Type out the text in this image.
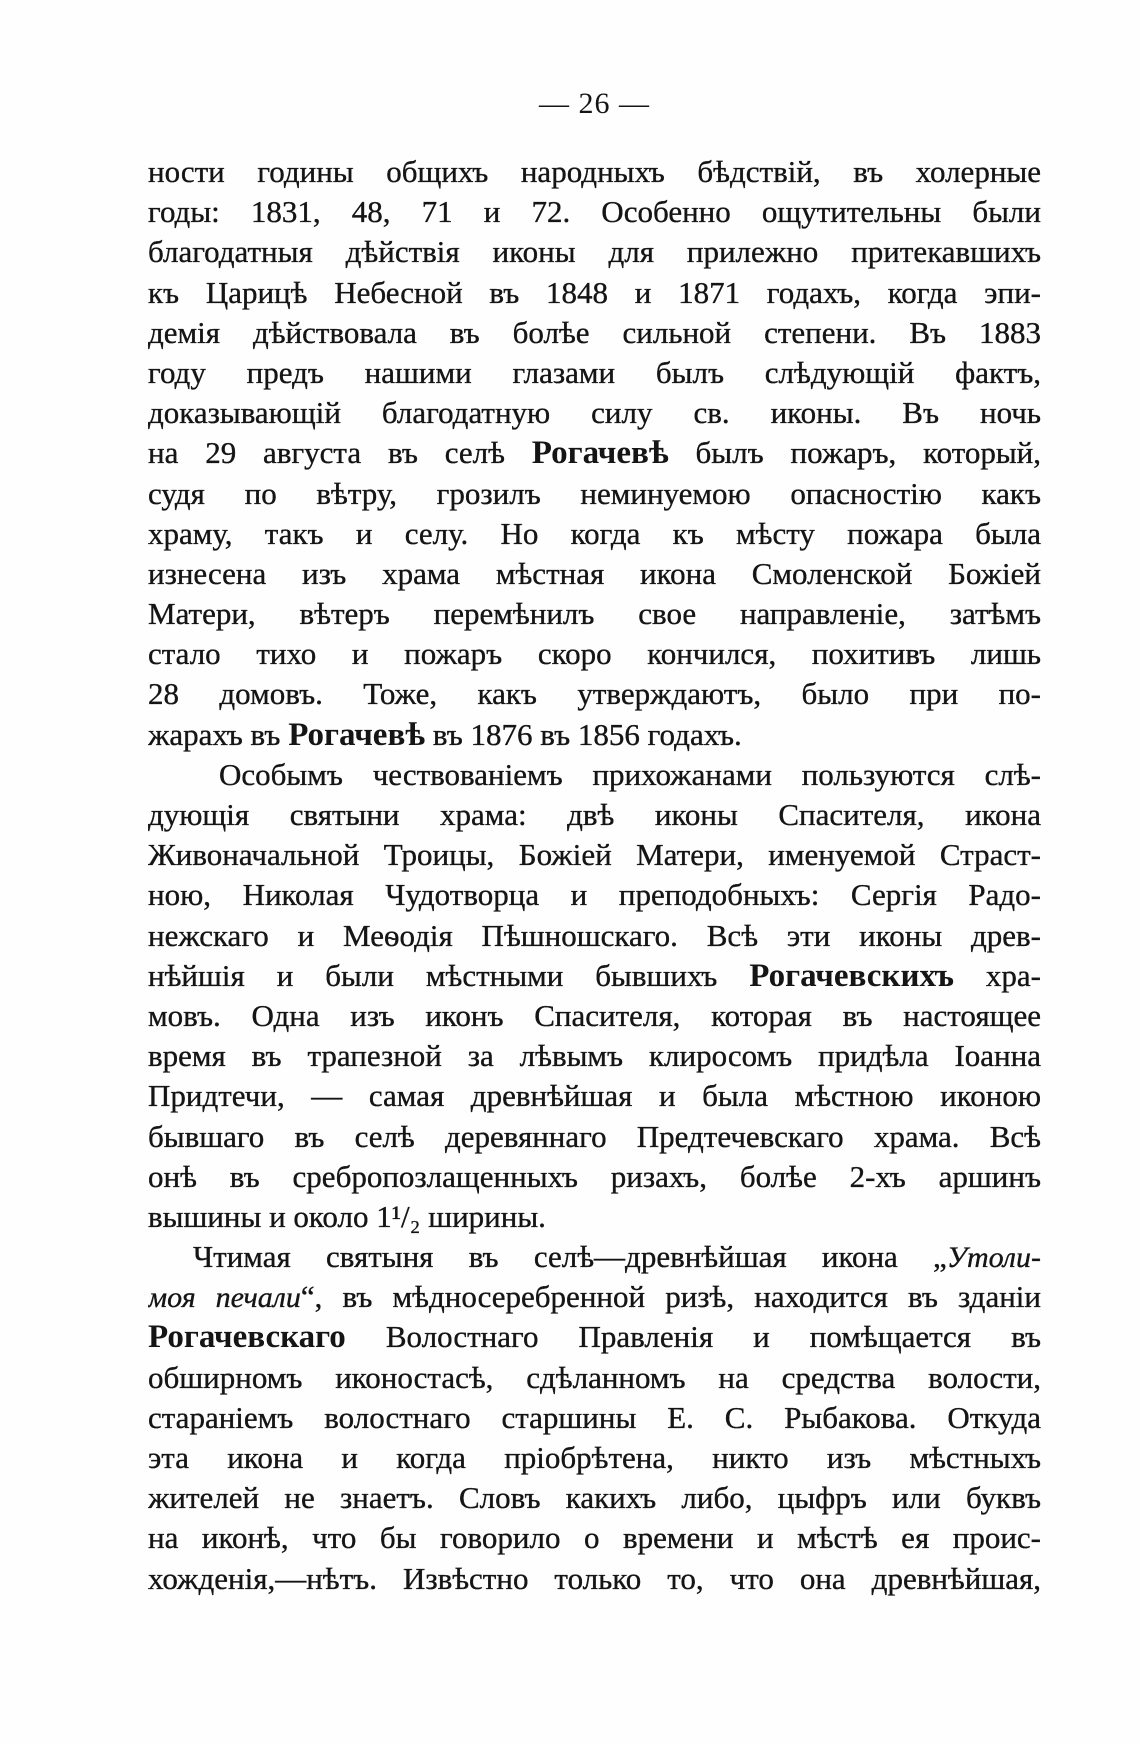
— 26 —
ности годины общихъ народныхъ бѣдствій, въ холерные
годы: 1831, 48, 71 и 72. Особенно ощутительны были
благодатныя дѣйствія иконы для прилежно притекавшихъ
къ Царицѣ Небесной въ 1848 и 1871 годахъ, когда эпи-
демія дѣйствовала въ болѣе сильной степени. Въ 1883
году предъ нашими глазами былъ слѣдующій фактъ,
доказывающій благодатную силу св. иконы. Въ ночь
на 29 августа въ селѣ Рогачевѣ былъ пожаръ, который,
судя по вѣтру, грозилъ неминуемою опасностію какъ
храму, такъ и селу. Но когда къ мѣсту пожара была
изнесена изъ храма мѣстная икона Смоленской Божіей
Матери, вѣтеръ перемѣнилъ свое направленіе, затѣмъ
стало тихо и пожаръ скоро кончился, похитивъ лишь
28 домовъ. Тоже, какъ утверждаютъ, было при по-
жарахъ въ Рогачевѣ въ 1876 въ 1856 годахъ.
Особымъ чествованіемъ прихожанами пользуются слѣ-
дующія святыни храма: двѣ иконы Спасителя, икона
Живоначальной Троицы, Божіей Матери, именуемой Страст-
ною, Николая Чудотворца и преподобныхъ: Сергія Радо-
нежскаго и Меѳодія Пѣшношскаго. Всѣ эти иконы древ-
нѣйшія и были мѣстными бывшихъ Рогачевскихъ хра-
мовъ. Одна изъ иконъ Спасителя, которая въ настоящее
время въ трапезной за лѣвымъ клиросомъ придѣла Іоанна
Придтечи, — самая древнѣйшая и была мѣстною иконою
бывшаго въ селѣ деревяннаго Предтечевскаго храма. Всѣ
онѣ въ сребропозлащенныхъ ризахъ, болѣе 2-хъ аршинъ
вышины и около 1¹/₂ ширины.
Чтимая святыня въ селѣ—древнѣйшая икона „Утоли-
моя печали“, въ мѣдносеребренной ризѣ, находится въ зданіи
Рогачевскаго Волостнаго Правленія и помѣщается въ
обширномъ иконостасѣ, сдѣланномъ на средства волости,
стараніемъ волостнаго старшины Е. С. Рыбакова. Откуда
эта икона и когда пріобрѣтена, никто изъ мѣстныхъ
жителей не знаетъ. Словъ какихъ либо, цыфръ или буквъ
на иконѣ, что бы говорило о времени и мѣстѣ ея проис-
хожденія,—нѣтъ. Извѣстно только то, что она древнѣйшая,
